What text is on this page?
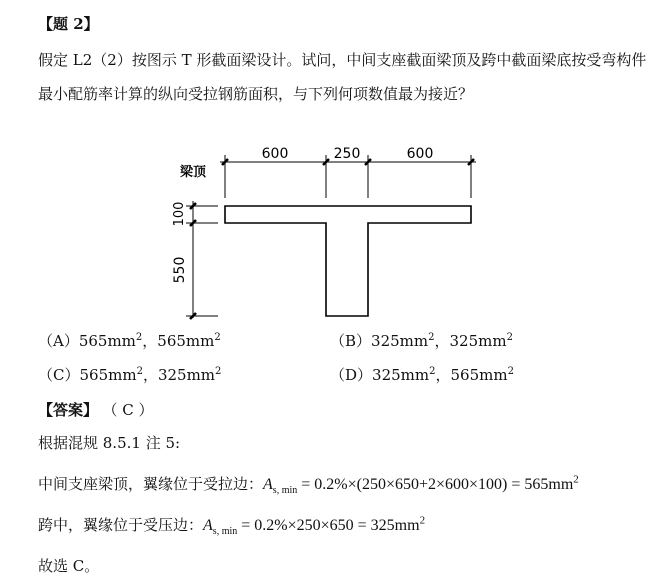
【题 2】
假定 L2（2）按图示 T 形截面梁设计。试问，中间支座截面梁顶及跨中截面梁底按受弯构件
最小配筋率计算的纵向受拉钢筋面积，与下列何项数值最为接近？
600	250	600
100
550
梁顶
$(A)565mm^2$，$565mm^2$	$(B)325mm^2$，$325mm^2$
$(C)565mm^2$，$325mm^2$	$(D)325mm^2$，$565mm^2$
【答案】 （ C ）
根据混规 8.5.1 注 5:
中间支座梁顶，翼缘位于受拉边：$A_{s, min} = 0.2\%\times(250\times 650+2\times 600\times 100) = 565mm^2$
跨中，翼缘位于受压边：$A_{s, min} = 0.2\%\times 250\times 650 = 325mm^2$
故选 C。
